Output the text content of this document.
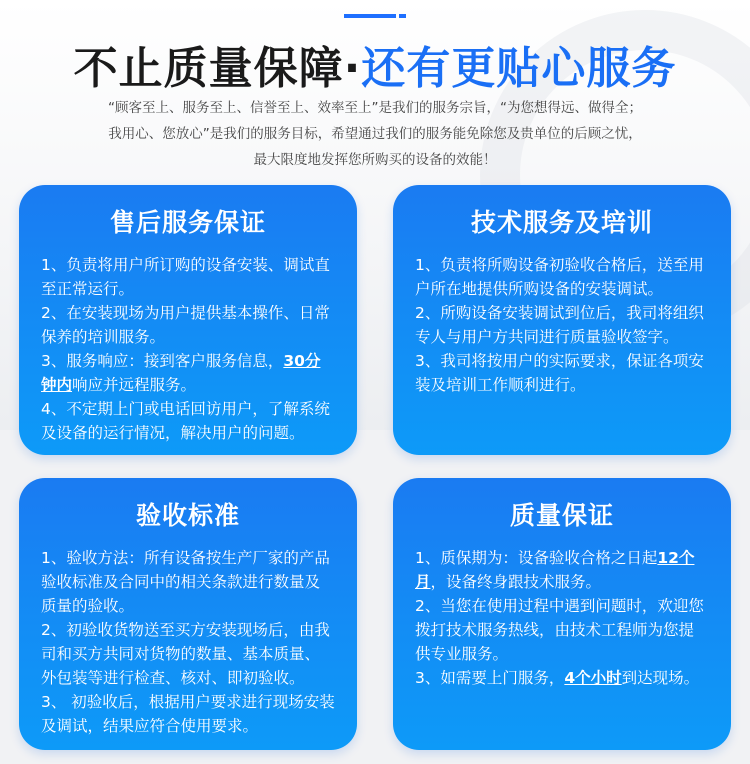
不止质量保障·还有更贴心服务

“顾客至上、服务至上、信誉至上、效率至上”是我们的服务宗旨，“为您想得远、做得全；

我用心、您放心”是我们的服务目标，希望通过我们的服务能免除您及贵单位的后顾之忧，

最大限度地发挥您所购买的设备的效能！

售后服务保证

1、负责将用户所订购的设备安装、调试直至正常运行。

2、在安装现场为用户提供基本操作、日常保养的培训服务。

3、服务响应：接到客户服务信息，30分钟内响应并远程服务。

4、不定期上门或电话回访用户，了解系统及设备的运行情况，解决用户的问题。

技术服务及培训

1、负责将所购设备初验收合格后，送至用户所在地提供所购设备的安装调试。

2、所购设备安装调试到位后，我司将组织专人与用户方共同进行质量验收签字。

3、我司将按用户的实际要求，保证各项安装及培训工作顺利进行。

验收标准

1、验收方法：所有设备按生产厂家的产品验收标准及合同中的相关条款进行数量及质量的验收。

2、初验收货物送至买方安装现场后，由我司和买方共同对货物的数量、基本质量、外包装等进行检查、核对、即初验收。

3、 初验收后，根据用户要求进行现场安装及调试，结果应符合使用要求。

质量保证

1、质保期为：设备验收合格之日起12个月，设备终身跟技术服务。

2、当您在使用过程中遇到问题时，欢迎您拨打技术服务热线，由技术工程师为您提供专业服务。

3、如需要上门服务，4个小时到达现场。
